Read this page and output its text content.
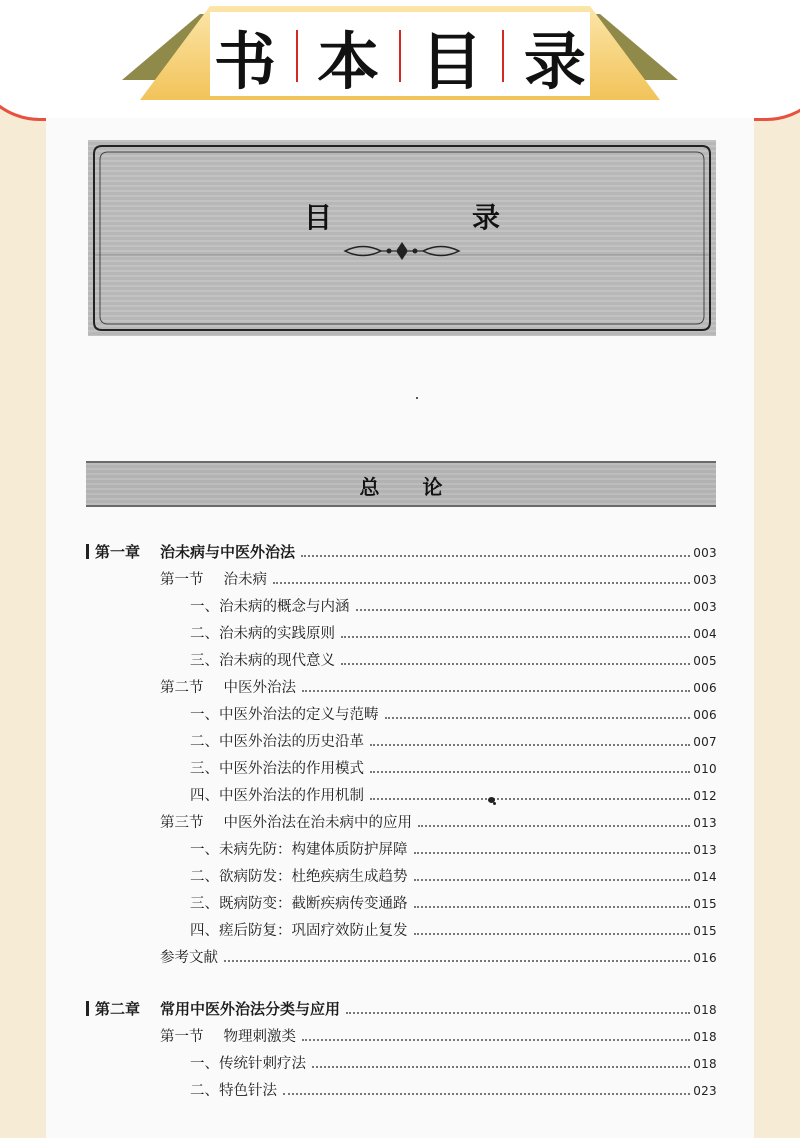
书 本 目 录
目　录
总 论
第一章 治未病与中医外治法	003
第一节 治未病	003
一、治未病的概念与内涵	003
二、治未病的实践原则	004
三、治未病的现代意义	005
第二节 中医外治法	006
一、中医外治法的定义与范畴	006
二、中医外治法的历史沿革	007
三、中医外治法的作用模式	010
四、中医外治法的作用机制	012
第三节 中医外治法在治未病中的应用	013
一、未病先防：构建体质防护屏障	013
二、欲病防发：杜绝疾病生成趋势	014
三、既病防变：截断疾病传变通路	015
四、瘥后防复：巩固疗效防止复发	015
参考文献	016
第二章 常用中医外治法分类与应用	018
第一节 物理刺激类	018
一、传统针刺疗法	018
二、特色针法	023
